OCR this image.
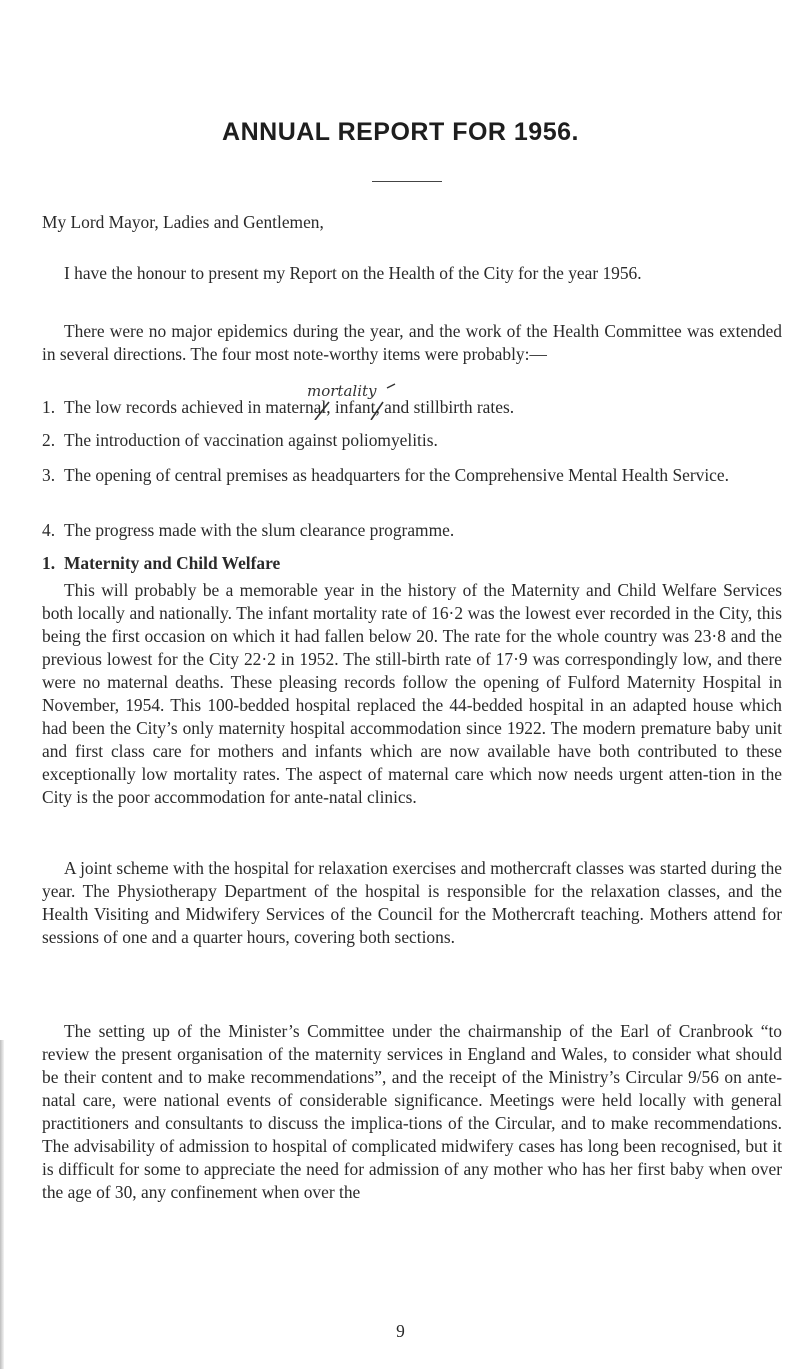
ANNUAL REPORT FOR 1956.
My Lord Mayor, Ladies and Gentlemen,
I have the honour to present my Report on the Health of the City for the year 1956.
There were no major epidemics during the year, and the work of the Health Committee was extended in several directions. The four most note-worthy items were probably:—
mortality
1. The low records achieved in maternal, infant, and stillbirth rates.
2. The introduction of vaccination against poliomyelitis.
3. The opening of central premises as headquarters for the Comprehensive Mental Health Service.
4. The progress made with the slum clearance programme.
1. Maternity and Child Welfare
This will probably be a memorable year in the history of the Maternity and Child Welfare Services both locally and nationally. The infant mortality rate of 16·2 was the lowest ever recorded in the City, this being the first occasion on which it had fallen below 20. The rate for the whole country was 23·8 and the previous lowest for the City 22·2 in 1952. The still-birth rate of 17·9 was correspondingly low, and there were no maternal deaths. These pleasing records follow the opening of Fulford Maternity Hospital in November, 1954. This 100-bedded hospital replaced the 44-bedded hospital in an adapted house which had been the City’s only maternity hospital accommodation since 1922. The modern premature baby unit and first class care for mothers and infants which are now available have both contributed to these exceptionally low mortality rates. The aspect of maternal care which now needs urgent atten-tion in the City is the poor accommodation for ante-natal clinics.
A joint scheme with the hospital for relaxation exercises and mothercraft classes was started during the year. The Physiotherapy Department of the hospital is responsible for the relaxation classes, and the Health Visiting and Midwifery Services of the Council for the Mothercraft teaching. Mothers attend for sessions of one and a quarter hours, covering both sections.
The setting up of the Minister’s Committee under the chairmanship of the Earl of Cranbrook “to review the present organisation of the maternity services in England and Wales, to consider what should be their content and to make recommendations”, and the receipt of the Ministry’s Circular 9/56 on ante-natal care, were national events of considerable significance. Meetings were held locally with general practitioners and consultants to discuss the implica-tions of the Circular, and to make recommendations. The advisability of admission to hospital of complicated midwifery cases has long been recognised, but it is difficult for some to appreciate the need for admission of any mother who has her first baby when over the age of 30, any confinement when over the
9
